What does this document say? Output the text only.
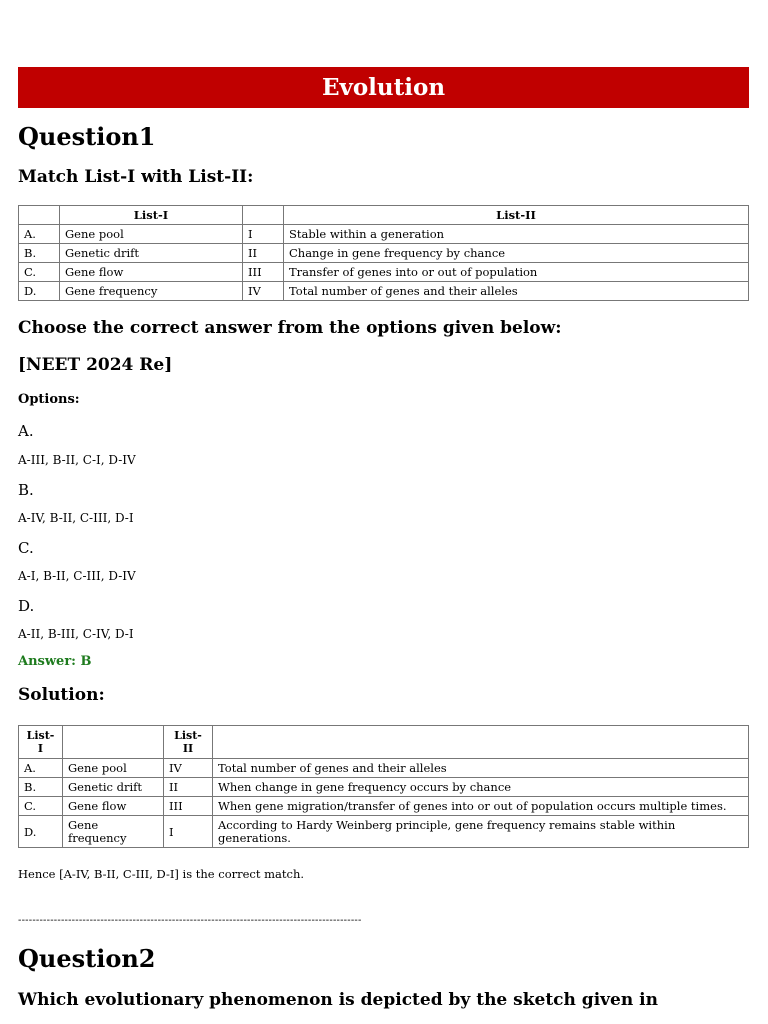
Evolution
Question1
Match List-I with List-II:
	List-I		List-II
A.	Gene pool	I	Stable within a generation
B.	Genetic drift	II	Change in gene frequency by chance
C.	Gene flow	III	Transfer of genes into or out of population
D.	Gene frequency	IV	Total number of genes and their alleles
Choose the correct answer from the options given below:
[NEET 2024 Re]
Options:
A.
A-III, B-II, C-I, D-IV
B.
A-IV, B-II, C-III, D-I
C.
A-I, B-II, C-III, D-IV
D.
A-II, B-III, C-IV, D-I
Answer: B
Solution:
List-
I		List-
II	
A.	Gene pool	IV	Total number of genes and their alleles
B.	Genetic drift	II	When change in gene frequency occurs by chance
C.	Gene flow	III	When gene migration/transfer of genes into or out of population occurs multiple times.
D.	Gene frequency	I	According to Hardy Weinberg principle, gene frequency remains stable within generations.
Hence [A-IV, B-II, C-III, D-I] is the correct match.
------------------------------------------------------------------------------------------------
Question2
Which evolutionary phenomenon is depicted by the sketch given in
